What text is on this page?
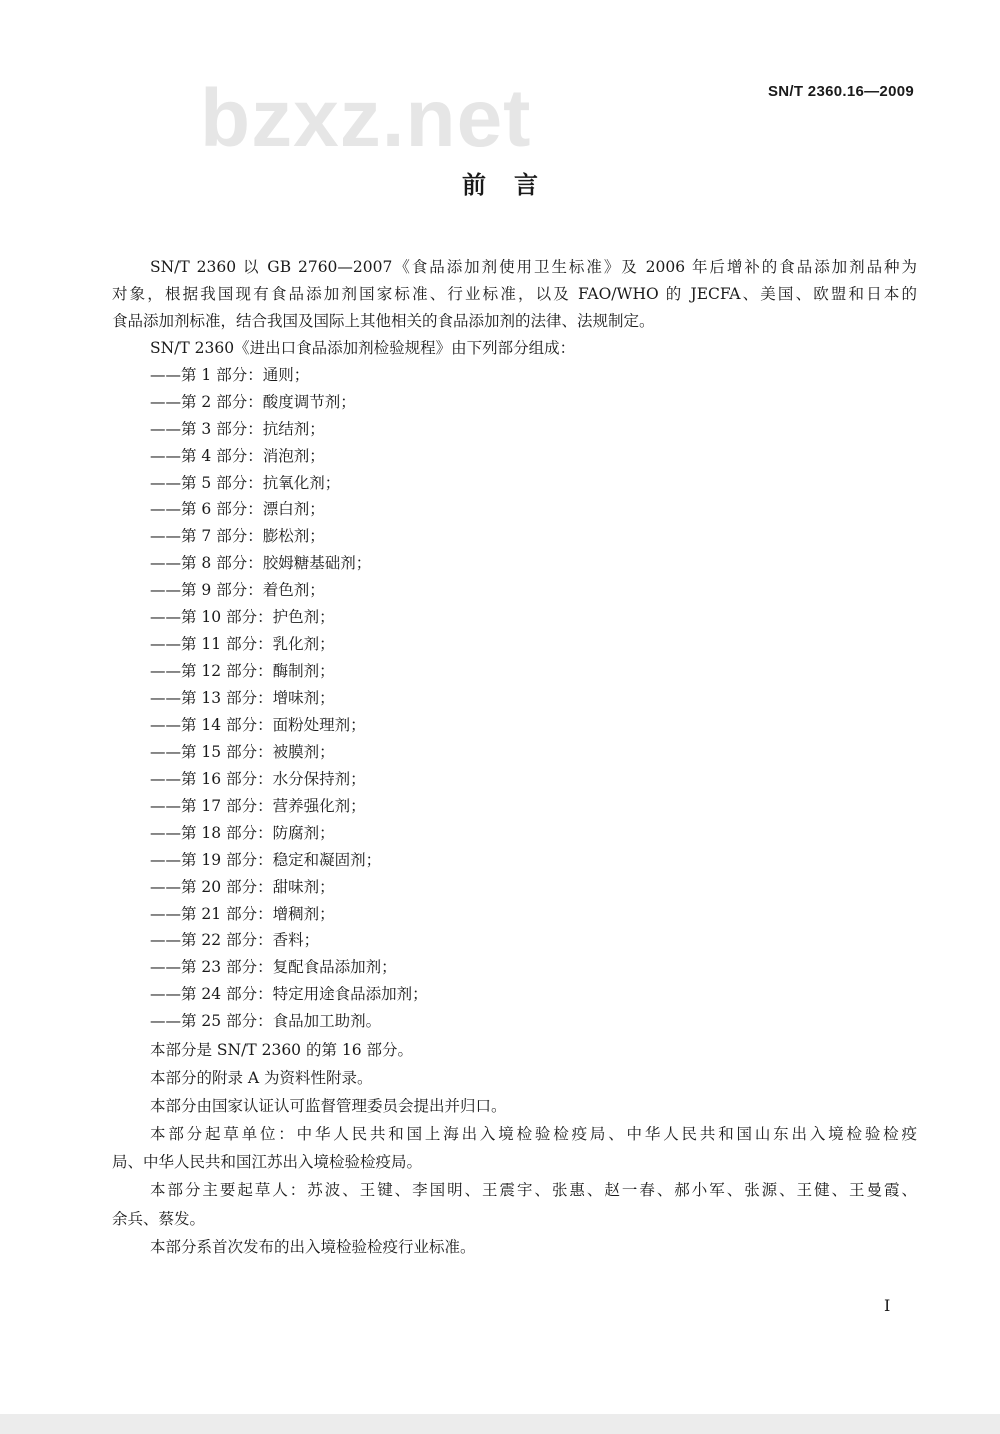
SN/T 2360.16—2009
bzxz.net
前言
SN/T 2360 以 GB 2760—2007《食品添加剂使用卫生标准》及 2006 年后增补的食品添加剂品种为
对象，根据我国现有食品添加剂国家标准、行业标准，以及 FAO/WHO 的 JECFA、美国、欧盟和日本的
食品添加剂标准，结合我国及国际上其他相关的食品添加剂的法律、法规制定。
SN/T 2360《进出口食品添加剂检验规程》由下列部分组成：
——第 1 部分：通则；
——第 2 部分：酸度调节剂；
——第 3 部分：抗结剂；
——第 4 部分：消泡剂；
——第 5 部分：抗氧化剂；
——第 6 部分：漂白剂；
——第 7 部分：膨松剂；
——第 8 部分：胶姆糖基础剂；
——第 9 部分：着色剂；
——第 10 部分：护色剂；
——第 11 部分：乳化剂；
——第 12 部分：酶制剂；
——第 13 部分：增味剂；
——第 14 部分：面粉处理剂；
——第 15 部分：被膜剂；
——第 16 部分：水分保持剂；
——第 17 部分：营养强化剂；
——第 18 部分：防腐剂；
——第 19 部分：稳定和凝固剂；
——第 20 部分：甜味剂；
——第 21 部分：增稠剂；
——第 22 部分：香料；
——第 23 部分：复配食品添加剂；
——第 24 部分：特定用途食品添加剂；
——第 25 部分：食品加工助剂。
本部分是 SN/T 2360 的第 16 部分。
本部分的附录 A 为资料性附录。
本部分由国家认证认可监督管理委员会提出并归口。
本部分起草单位：中华人民共和国上海出入境检验检疫局、中华人民共和国山东出入境检验检疫
局、中华人民共和国江苏出入境检验检疫局。
本部分主要起草人：苏波、王键、李国明、王震宇、张惠、赵一春、郝小军、张源、王健、王曼霞、
余兵、蔡发。
本部分系首次发布的出入境检验检疫行业标准。
I
